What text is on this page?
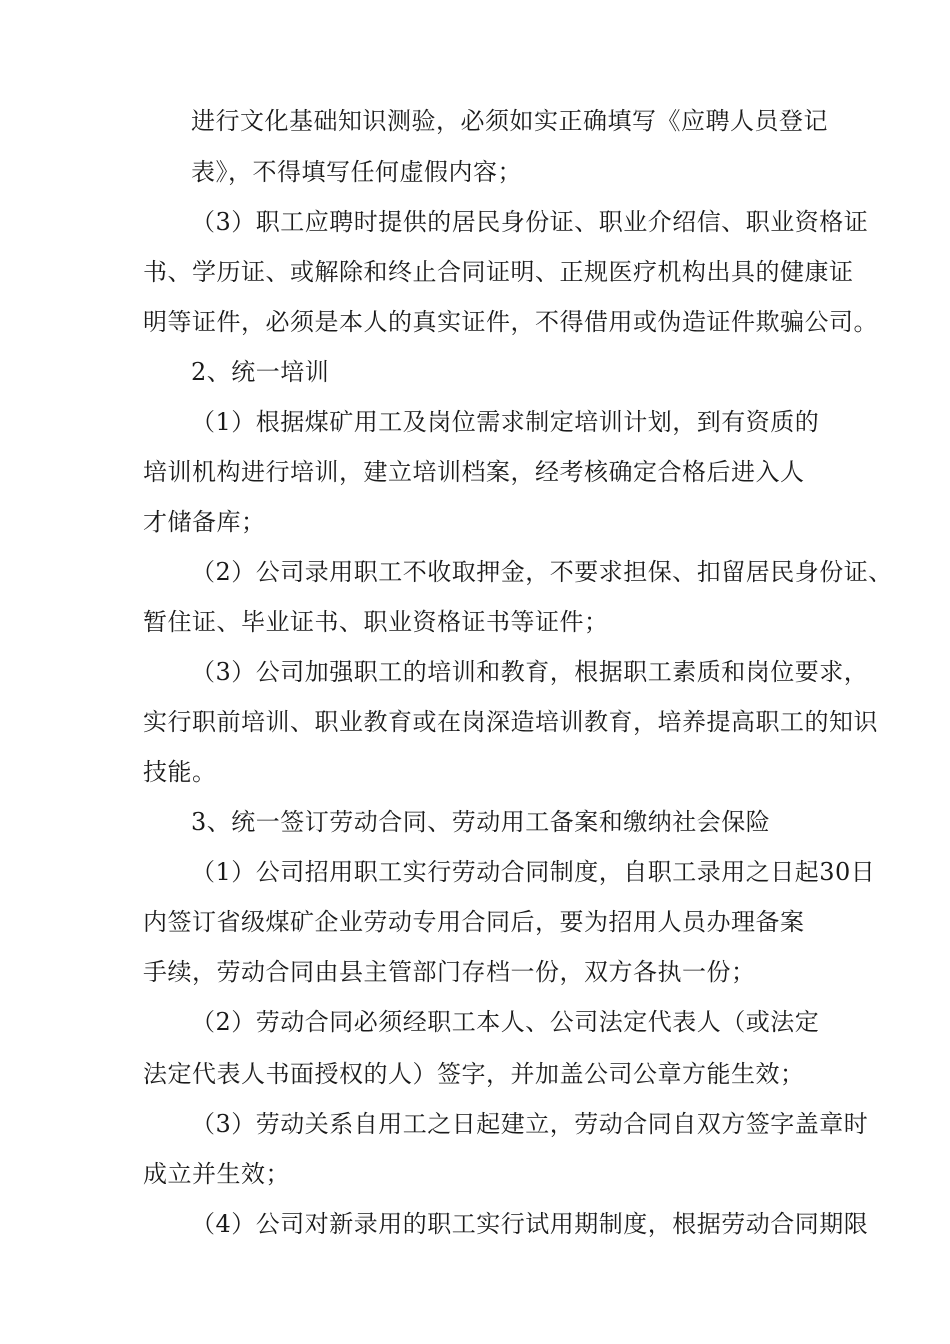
进行文化基础知识测验，必须如实正确填写《应聘人员登记
表》，不得填写任何虚假内容；
（3）职工应聘时提供的居民身份证、职业介绍信、职业资格证
书、学历证、或解除和终止合同证明、正规医疗机构出具的健康证
明等证件，必须是本人的真实证件，不得借用或伪造证件欺骗公司。
2、统一培训
（1）根据煤矿用工及岗位需求制定培训计划，到有资质的
培训机构进行培训，建立培训档案，经考核确定合格后进入人
才储备库；
（2）公司录用职工不收取押金，不要求担保、扣留居民身份证、
暂住证、毕业证书、职业资格证书等证件；
（3）公司加强职工的培训和教育，根据职工素质和岗位要求，
实行职前培训、职业教育或在岗深造培训教育，培养提高职工的知识
技能。
3、统一签订劳动合同、劳动用工备案和缴纳社会保险
（1）公司招用职工实行劳动合同制度，自职工录用之日起30日
内签订省级煤矿企业劳动专用合同后，要为招用人员办理备案
手续，劳动合同由县主管部门存档一份，双方各执一份；
（2）劳动合同必须经职工本人、公司法定代表人（或法定
法定代表人书面授权的人）签字，并加盖公司公章方能生效；
（3）劳动关系自用工之日起建立，劳动合同自双方签字盖章时
成立并生效；
（4）公司对新录用的职工实行试用期制度，根据劳动合同期限
